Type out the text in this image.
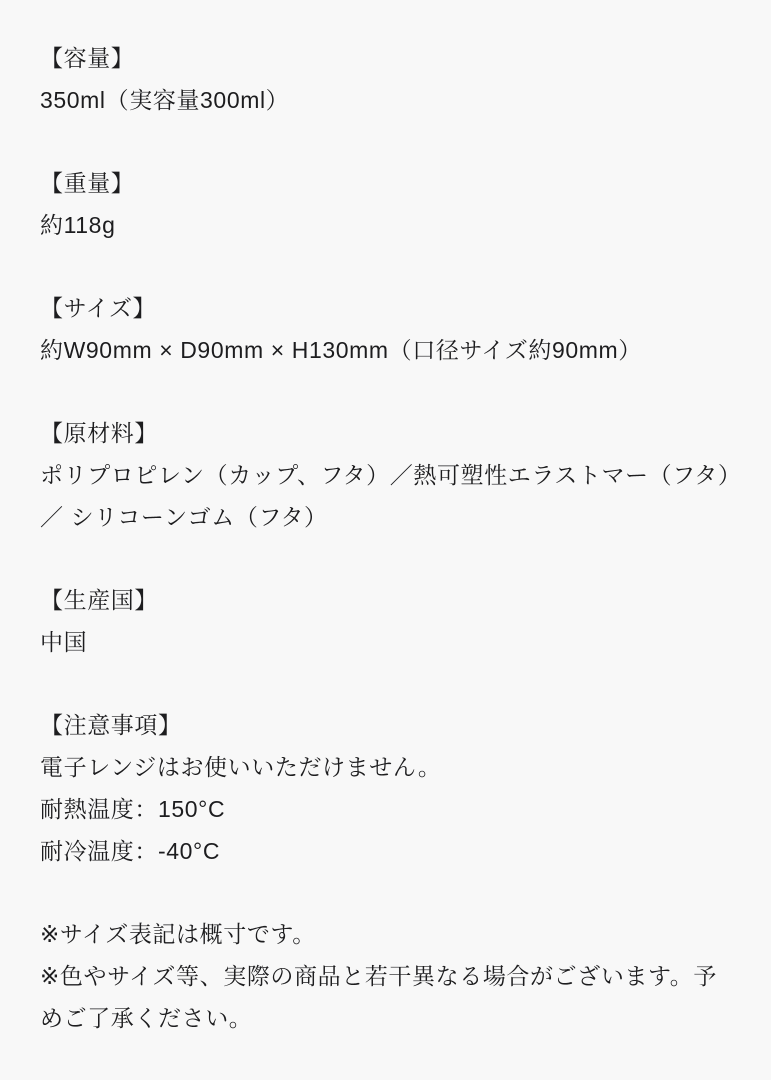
【容量】

350ml（実容量300ml）

【重量】

約118g

【サイズ】

約W90mm × D90mm × H130mm（口径サイズ約90mm）

【原材料】

ポリプロピレン（カップ、フタ）／熱可塑性エラストマー（フタ）／ シリコーンゴム（フタ）

【生産国】

中国

【注意事項】

電子レンジはお使いいただけません。

耐熱温度：150°C

耐冷温度：-40°C

※サイズ表記は概寸です。

※色やサイズ等、実際の商品と若干異なる場合がございます。予めご了承ください。
